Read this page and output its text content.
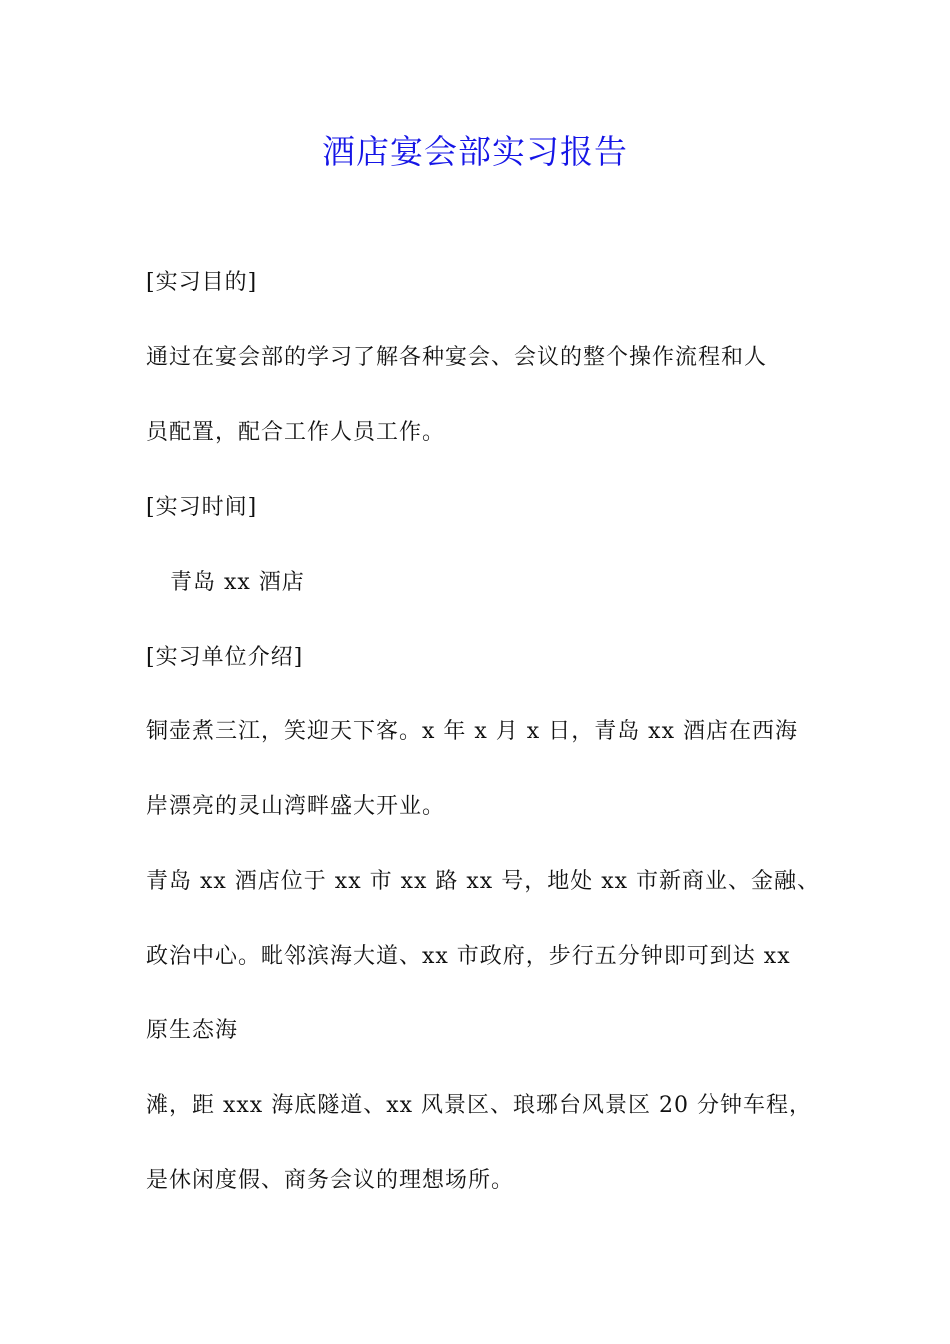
酒店宴会部实习报告
[实习目的]
通过在宴会部的学习了解各种宴会、会议的整个操作流程和人
员配置，配合工作人员工作。
[实习时间]
青岛 xx 酒店
[实习单位介绍]
铜壶煮三江，笑迎天下客。x 年 x 月 x 日，青岛 xx 酒店在西海
岸漂亮的灵山湾畔盛大开业。
青岛 xx 酒店位于 xx 市 xx 路 xx 号，地处 xx 市新商业、金融、
政治中心。毗邻滨海大道、xx 市政府，步行五分钟即可到达 xx
原生态海
滩，距 xxx 海底隧道、xx 风景区、琅琊台风景区 20 分钟车程，
是休闲度假、商务会议的理想场所。
